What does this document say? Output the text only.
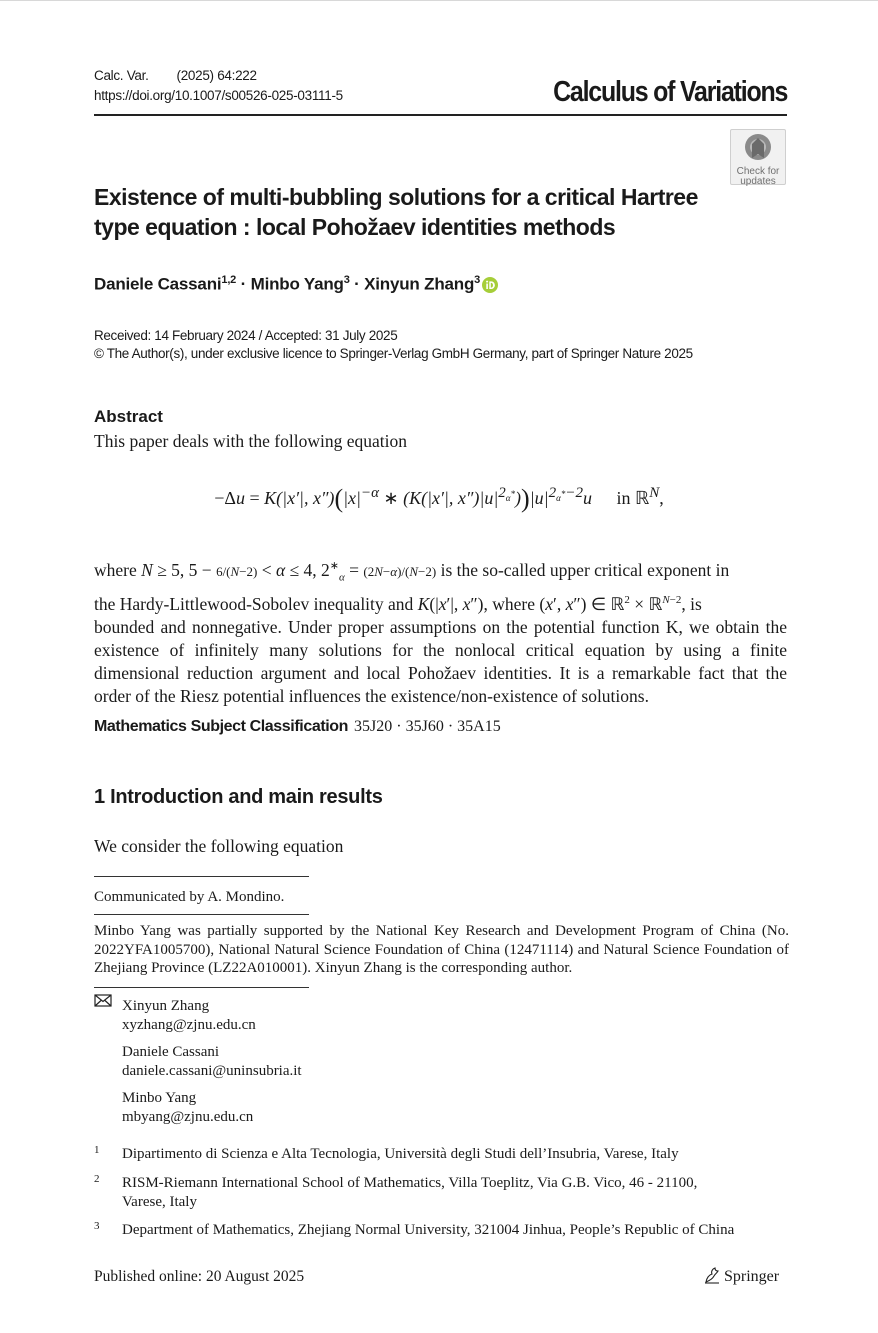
Calc. Var. (2025) 64:222
https://doi.org/10.1007/s00526-025-03111-5	Calculus of Variations
Check for
updates
Existence of multi-bubbling solutions for a critical Hartree type equation : local Pohožaev identities methods
Daniele Cassani$^{1,2}$ · Minbo Yang$^3$ · Xinyun Zhang$^3$
Received: 14 February 2024 / Accepted: 31 July 2025
© The Author(s), under exclusive licence to Springer-Verlag GmbH Germany, part of Springer Nature 2025
Abstract
This paper deals with the following equation
−Δu = K(|x′|, $x'')(|x|^{-\alpha}$ ∗ (K(|x′|, $x'')|u|^{2_\alpha*}))|u|^{2_\alpha*-2}u$ in ℝ$^N$,
where N ≥ 5, 5 − 6/(N−2) < α ≤ 4, $2^∗_\alpha = (2N-\alpha)/(N-2)$ is the so-called upper critical exponent in
the Hardy-Littlewood-Sobolev inequality and K(|x′|, x″), where (x′, x″) ∈ ℝ$^2$ × ℝ$^{N-2}$, is
bounded and nonnegative. Under proper assumptions on the potential function K, we obtain the existence of infinitely many solutions for the nonlocal critical equation by using a finite dimensional reduction argument and local Pohožaev identities. It is a remarkable fact that the order of the Riesz potential influences the existence/non-existence of solutions.
Mathematics Subject Classification 35J20 · 35J60 · 35A15
1 Introduction and main results
We consider the following equation
Communicated by A. Mondino.
Minbo Yang was partially supported by the National Key Research and Development Program of China (No. 2022YFA1005700), National Natural Science Foundation of China (12471114) and Natural Science Foundation of Zhejiang Province (LZ22A010001). Xinyun Zhang is the corresponding author.
Xinyun Zhang
xyzhang@zjnu.edu.cn
Daniele Cassani
daniele.cassani@uninsubria.it
Minbo Yang
mbyang@zjnu.edu.cn
1 Dipartimento di Scienza e Alta Tecnologia, Università degli Studi dell’Insubria, Varese, Italy
2 RISM-Riemann International School of Mathematics, Villa Toeplitz, Via G.B. Vico, 46 - 21100, Varese, Italy
3 Department of Mathematics, Zhejiang Normal University, 321004 Jinhua, People’s Republic of China
Published online: 20 August 2025	Springer
